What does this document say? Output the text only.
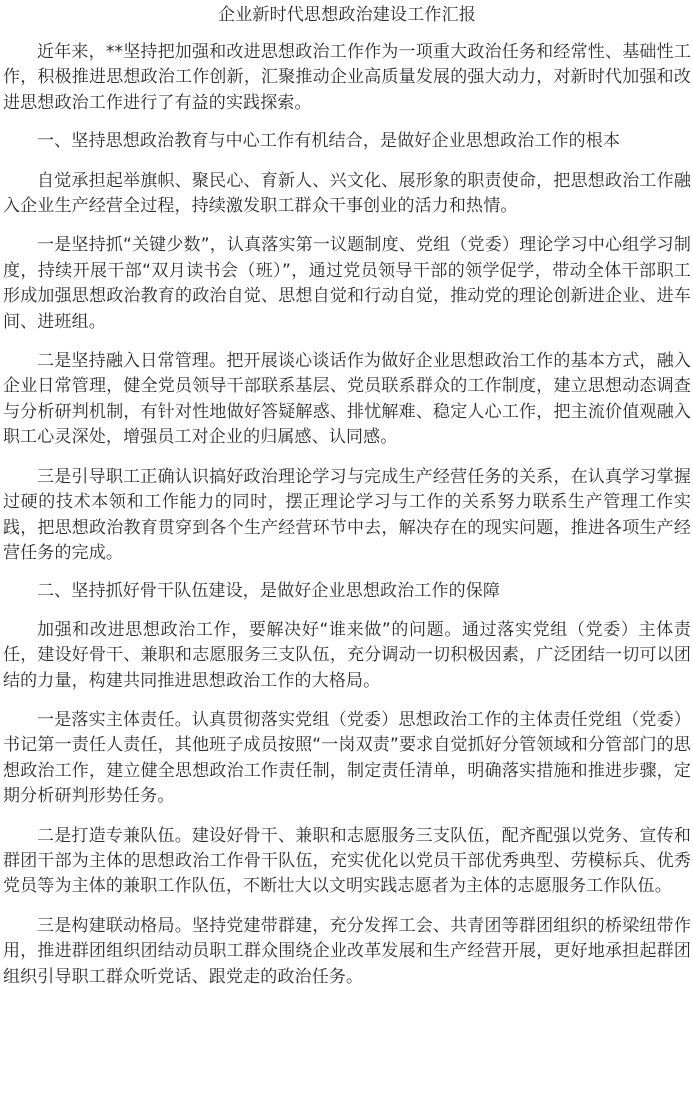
企业新时代思想政治建设工作汇报

近年来，**坚持把加强和改进思想政治工作作为一项重大政治任务和经常性、基础性工作，积极推进思想政治工作创新，汇聚推动企业高质量发展的强大动力，对新时代加强和改进思想政治工作进行了有益的实践探索。

一、坚持思想政治教育与中心工作有机结合，是做好企业思想政治工作的根本

自觉承担起举旗帜、聚民心、育新人、兴文化、展形象的职责使命，把思想政治工作融入企业生产经营全过程，持续激发职工群众干事创业的活力和热情。

一是坚持抓“关键少数”，认真落实第一议题制度、党组（党委）理论学习中心组学习制度，持续开展干部“双月读书会（班）”，通过党员领导干部的领学促学，带动全体干部职工形成加强思想政治教育的政治自觉、思想自觉和行动自觉，推动党的理论创新进企业、进车间、进班组。

二是坚持融入日常管理。把开展谈心谈话作为做好企业思想政治工作的基本方式，融入企业日常管理，健全党员领导干部联系基层、党员联系群众的工作制度，建立思想动态调查与分析研判机制，有针对性地做好答疑解惑、排忧解难、稳定人心工作，把主流价值观融入职工心灵深处，增强员工对企业的归属感、认同感。

三是引导职工正确认识搞好政治理论学习与完成生产经营任务的关系，在认真学习掌握过硬的技术本领和工作能力的同时，摆正理论学习与工作的关系努力联系生产管理工作实践，把思想政治教育贯穿到各个生产经营环节中去，解决存在的现实问题，推进各项生产经营任务的完成。

二、坚持抓好骨干队伍建设，是做好企业思想政治工作的保障

加强和改进思想政治工作，要解决好“谁来做”的问题。通过落实党组（党委）主体责任，建设好骨干、兼职和志愿服务三支队伍，充分调动一切积极因素，广泛团结一切可以团结的力量，构建共同推进思想政治工作的大格局。

一是落实主体责任。认真贯彻落实党组（党委）思想政治工作的主体责任党组（党委）书记第一责任人责任，其他班子成员按照“一岗双责”要求自觉抓好分管领域和分管部门的思想政治工作，建立健全思想政治工作责任制，制定责任清单，明确落实措施和推进步骤，定期分析研判形势任务。

二是打造专兼队伍。建设好骨干、兼职和志愿服务三支队伍，配齐配强以党务、宣传和群团干部为主体的思想政治工作骨干队伍，充实优化以党员干部优秀典型、劳模标兵、优秀党员等为主体的兼职工作队伍，不断壮大以文明实践志愿者为主体的志愿服务工作队伍。

三是构建联动格局。坚持党建带群建，充分发挥工会、共青团等群团组织的桥梁纽带作用，推进群团组织团结动员职工群众围绕企业改革发展和生产经营开展，更好地承担起群团组织引导职工群众听党话、跟党走的政治任务。
